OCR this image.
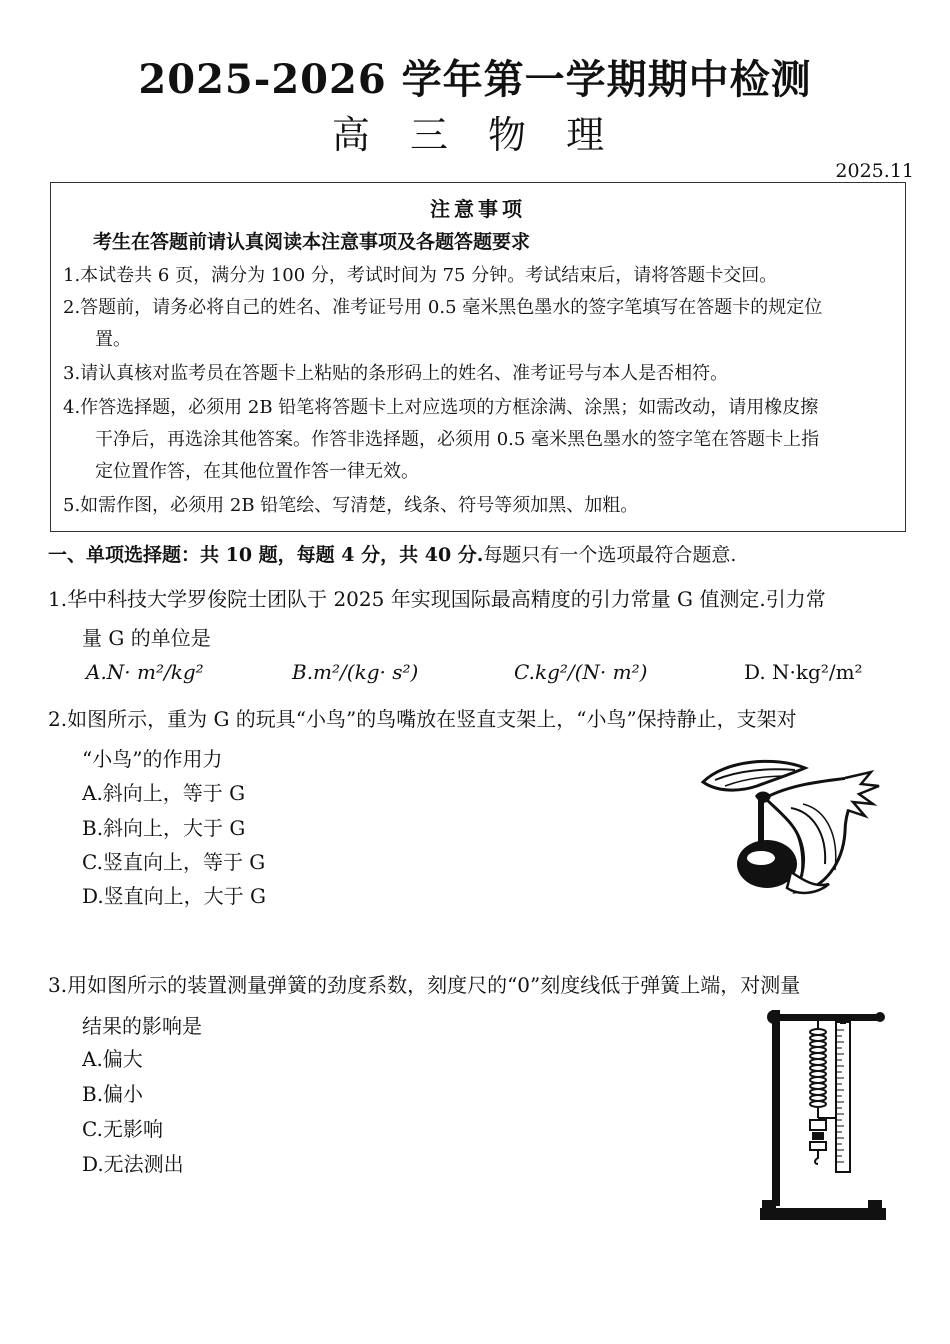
2025-2026 学年第一学期期中检测
高 三 物 理
2025.11
注意事项
考生在答题前请认真阅读本注意事项及各题答题要求
1.本试卷共 6 页，满分为 100 分，考试时间为 75 分钟。考试结束后，请将答题卡交回。
2.答题前，请务必将自己的姓名、准考证号用 0.5 毫米黑色墨水的签字笔填写在答题卡的规定位
置。
3.请认真核对监考员在答题卡上粘贴的条形码上的姓名、准考证号与本人是否相符。
4.作答选择题，必须用 2B 铅笔将答题卡上对应选项的方框涂满、涂黑；如需改动，请用橡皮擦
干净后，再选涂其他答案。作答非选择题，必须用 0.5 毫米黑色墨水的签字笔在答题卡上指
定位置作答，在其他位置作答一律无效。
5.如需作图，必须用 2B 铅笔绘、写清楚，线条、符号等须加黑、加粗。
一、单项选择题：共 10 题，每题 4 分，共 40 分.每题只有一个选项最符合题意.
1.华中科技大学罗俊院士团队于 2025 年实现国际最高精度的引力常量 G 值测定.引力常
量 G 的单位是
A.N· m²/kg²	B.m²/(kg· s²)	C.kg²/(N· m²)	D. N·kg²/m²
2.如图所示，重为 G 的玩具“小鸟”的鸟嘴放在竖直支架上，“小鸟”保持静止，支架对
“小鸟”的作用力
A.斜向上，等于 G
B.斜向上，大于 G
C.竖直向上，等于 G
D.竖直向上，大于 G
3.用如图所示的装置测量弹簧的劲度系数，刻度尺的“0”刻度线低于弹簧上端，对测量
结果的影响是
A.偏大
B.偏小
C.无影响
D.无法测出
